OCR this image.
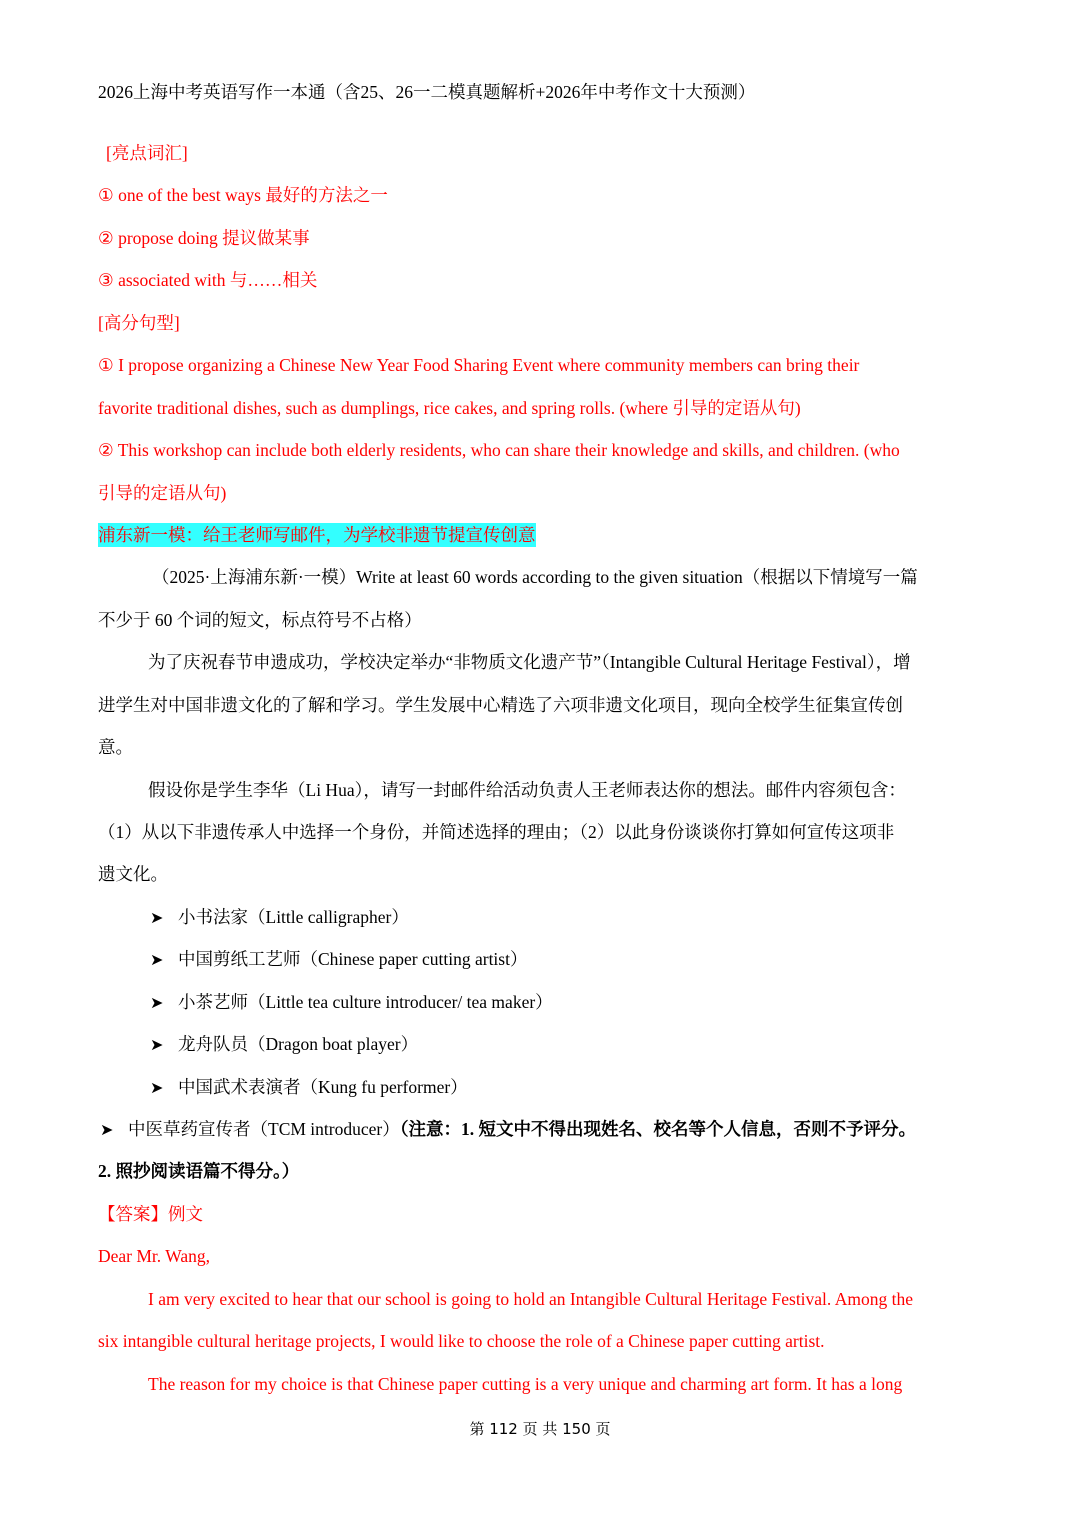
2026上海中考英语写作一本通（含25、26一二模真题解析+2026年中考作文十大预测）

[亮点词汇]

① one of the best ways 最好的方法之一

② propose doing 提议做某事

③ associated with 与……相关

[高分句型]

① I propose organizing a Chinese New Year Food Sharing Event where community members can bring their

favorite traditional dishes, such as dumplings, rice cakes, and spring rolls. (where 引导的定语从句)

② This workshop can include both elderly residents, who can share their knowledge and skills, and children. (who

引导的定语从句)

浦东新一模：给王老师写邮件，为学校非遗节提宣传创意

（2025·上海浦东新·一模）Write at least 60 words according to the given situation（根据以下情境写一篇

不少于 60 个词的短文，标点符号不占格）

为了庆祝春节申遗成功，学校决定举办“非物质文化遗产节”（Intangible Cultural Heritage Festival），增

进学生对中国非遗文化的了解和学习。学生发展中心精选了六项非遗文化项目，现向全校学生征集宣传创

意。

假设你是学生李华（Li Hua），请写一封邮件给活动负责人王老师表达你的想法。邮件内容须包含：

（1）从以下非遗传承人中选择一个身份，并简述选择的理由；（2）以此身份谈谈你打算如何宣传这项非

遗文化。

➤ 小书法家（Little calligrapher）

➤ 中国剪纸工艺师（Chinese paper cutting artist）

➤ 小茶艺师（Little tea culture introducer/ tea maker）

➤ 龙舟队员（Dragon boat player）

➤ 中国武术表演者（Kung fu performer）

➤ 中医草药宣传者（TCM introducer）（注意：1. 短文中不得出现姓名、校名等个人信息，否则不予评分。

2. 照抄阅读语篇不得分。）

【答案】例文

Dear Mr. Wang,

I am very excited to hear that our school is going to hold an Intangible Cultural Heritage Festival. Among the

six intangible cultural heritage projects, I would like to choose the role of a Chinese paper cutting artist.

The reason for my choice is that Chinese paper cutting is a very unique and charming art form. It has a long

第 112 页 共 150 页
